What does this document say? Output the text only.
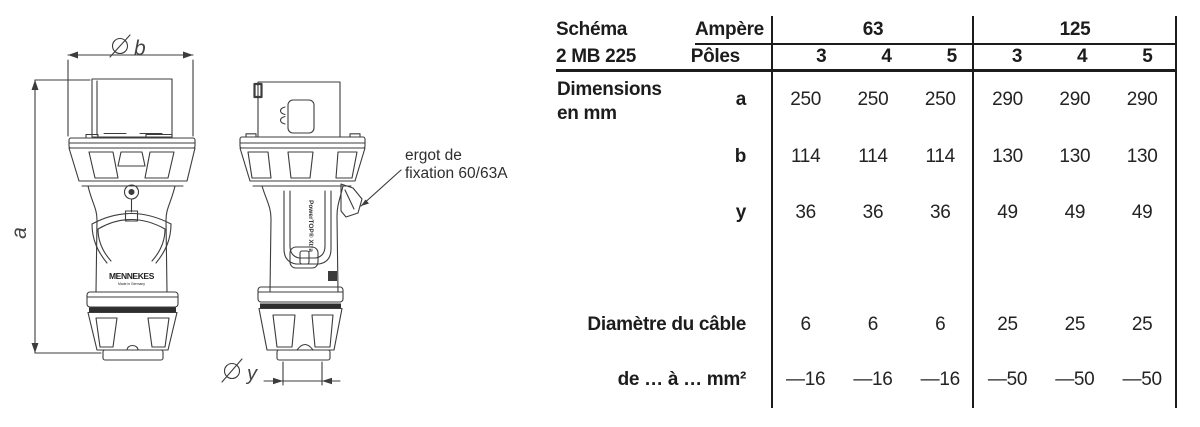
MENNEKES
Made in Germany
a
b
PowerTOP® Xtra
y
ergot de
fixation 60/63A
Schéma	Ampère	63	125
2 MB 225	Pôles	3	4	5	3	4	5
Dimensions
en mm
a	250	250	250	290	290	290
b	114	114	114	130	130	130
y	36	36	36	49	49	49
Diamètre du câble	6	6	6	25	25	25
de … à … mm²	—16	—16	—16	—50	—50	—50
